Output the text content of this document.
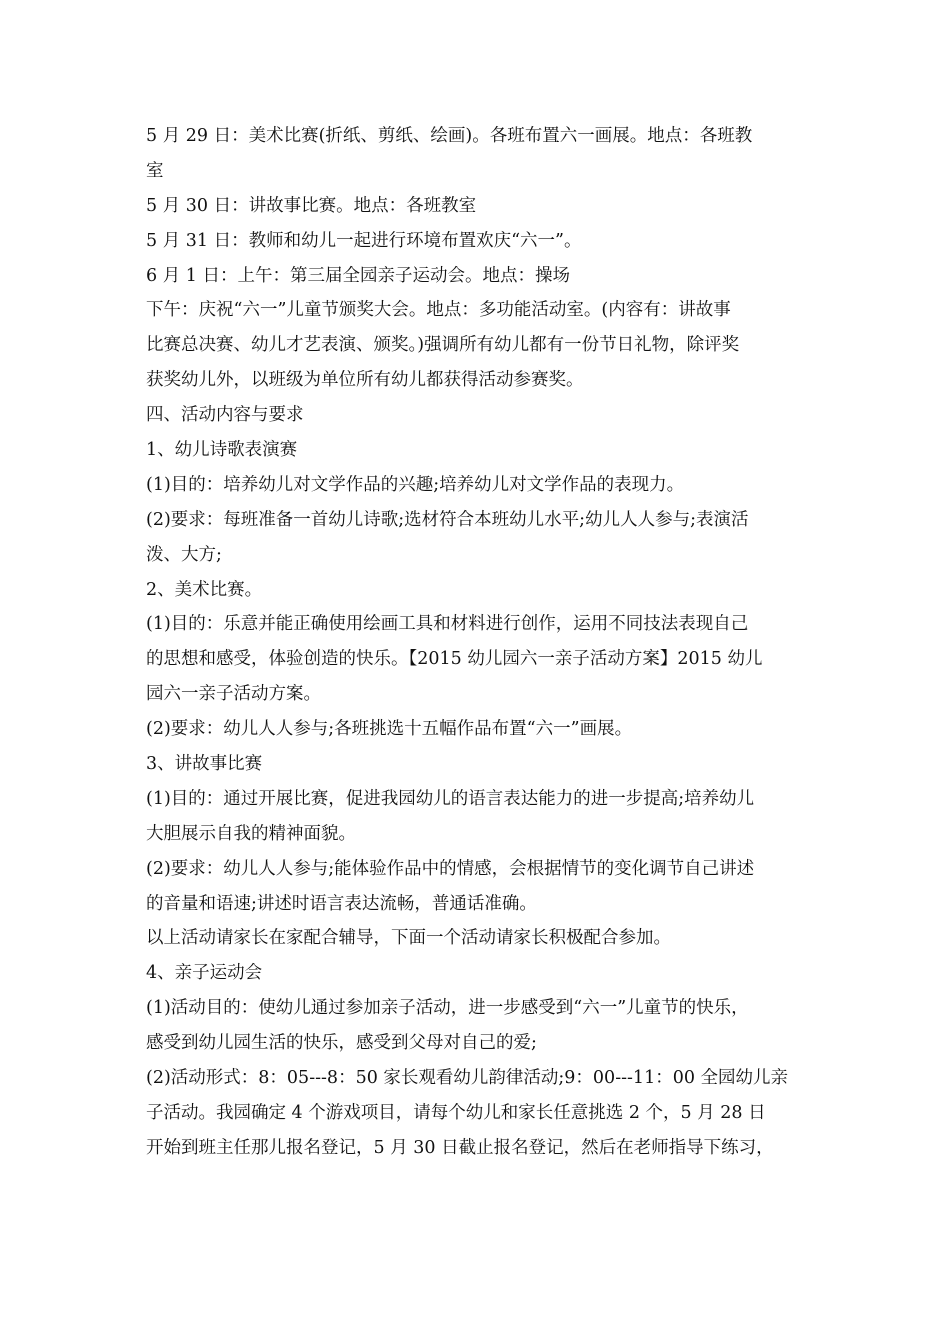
5 月 29 日：美术比赛(折纸、剪纸、绘画)。各班布置六一画展。地点：各班教

室

5 月 30 日：讲故事比赛。地点：各班教室

5 月 31 日：教师和幼儿一起进行环境布置欢庆“六一”。

6 月 1 日：上午：第三届全园亲子运动会。地点：操场

下午：庆祝“六一”儿童节颁奖大会。地点：多功能活动室。(内容有：讲故事

比赛总决赛、幼儿才艺表演、颁奖。)强调所有幼儿都有一份节日礼物，除评奖

获奖幼儿外，以班级为单位所有幼儿都获得活动参赛奖。

四、活动内容与要求

1、幼儿诗歌表演赛

(1)目的：培养幼儿对文学作品的兴趣;培养幼儿对文学作品的表现力。

(2)要求：每班准备一首幼儿诗歌;选材符合本班幼儿水平;幼儿人人参与;表演活

泼、大方;

2、美术比赛。

(1)目的：乐意并能正确使用绘画工具和材料进行创作，运用不同技法表现自己

的思想和感受，体验创造的快乐。【2015 幼儿园六一亲子活动方案】2015 幼儿

园六一亲子活动方案。

(2)要求：幼儿人人参与;各班挑选十五幅作品布置“六一”画展。

3、讲故事比赛

(1)目的：通过开展比赛，促进我园幼儿的语言表达能力的进一步提高;培养幼儿

大胆展示自我的精神面貌。

(2)要求：幼儿人人参与;能体验作品中的情感，会根据情节的变化调节自己讲述

的音量和语速;讲述时语言表达流畅，普通话准确。

以上活动请家长在家配合辅导，下面一个活动请家长积极配合参加。

4、亲子运动会

(1)活动目的：使幼儿通过参加亲子活动，进一步感受到“六一”儿童节的快乐，

感受到幼儿园生活的快乐，感受到父母对自己的爱;

(2)活动形式：8：05---8：50 家长观看幼儿韵律活动;9：00---11：00 全园幼儿亲

子活动。我园确定 4 个游戏项目，请每个幼儿和家长任意挑选 2 个，5 月 28 日

开始到班主任那儿报名登记，5 月 30 日截止报名登记，然后在老师指导下练习，
